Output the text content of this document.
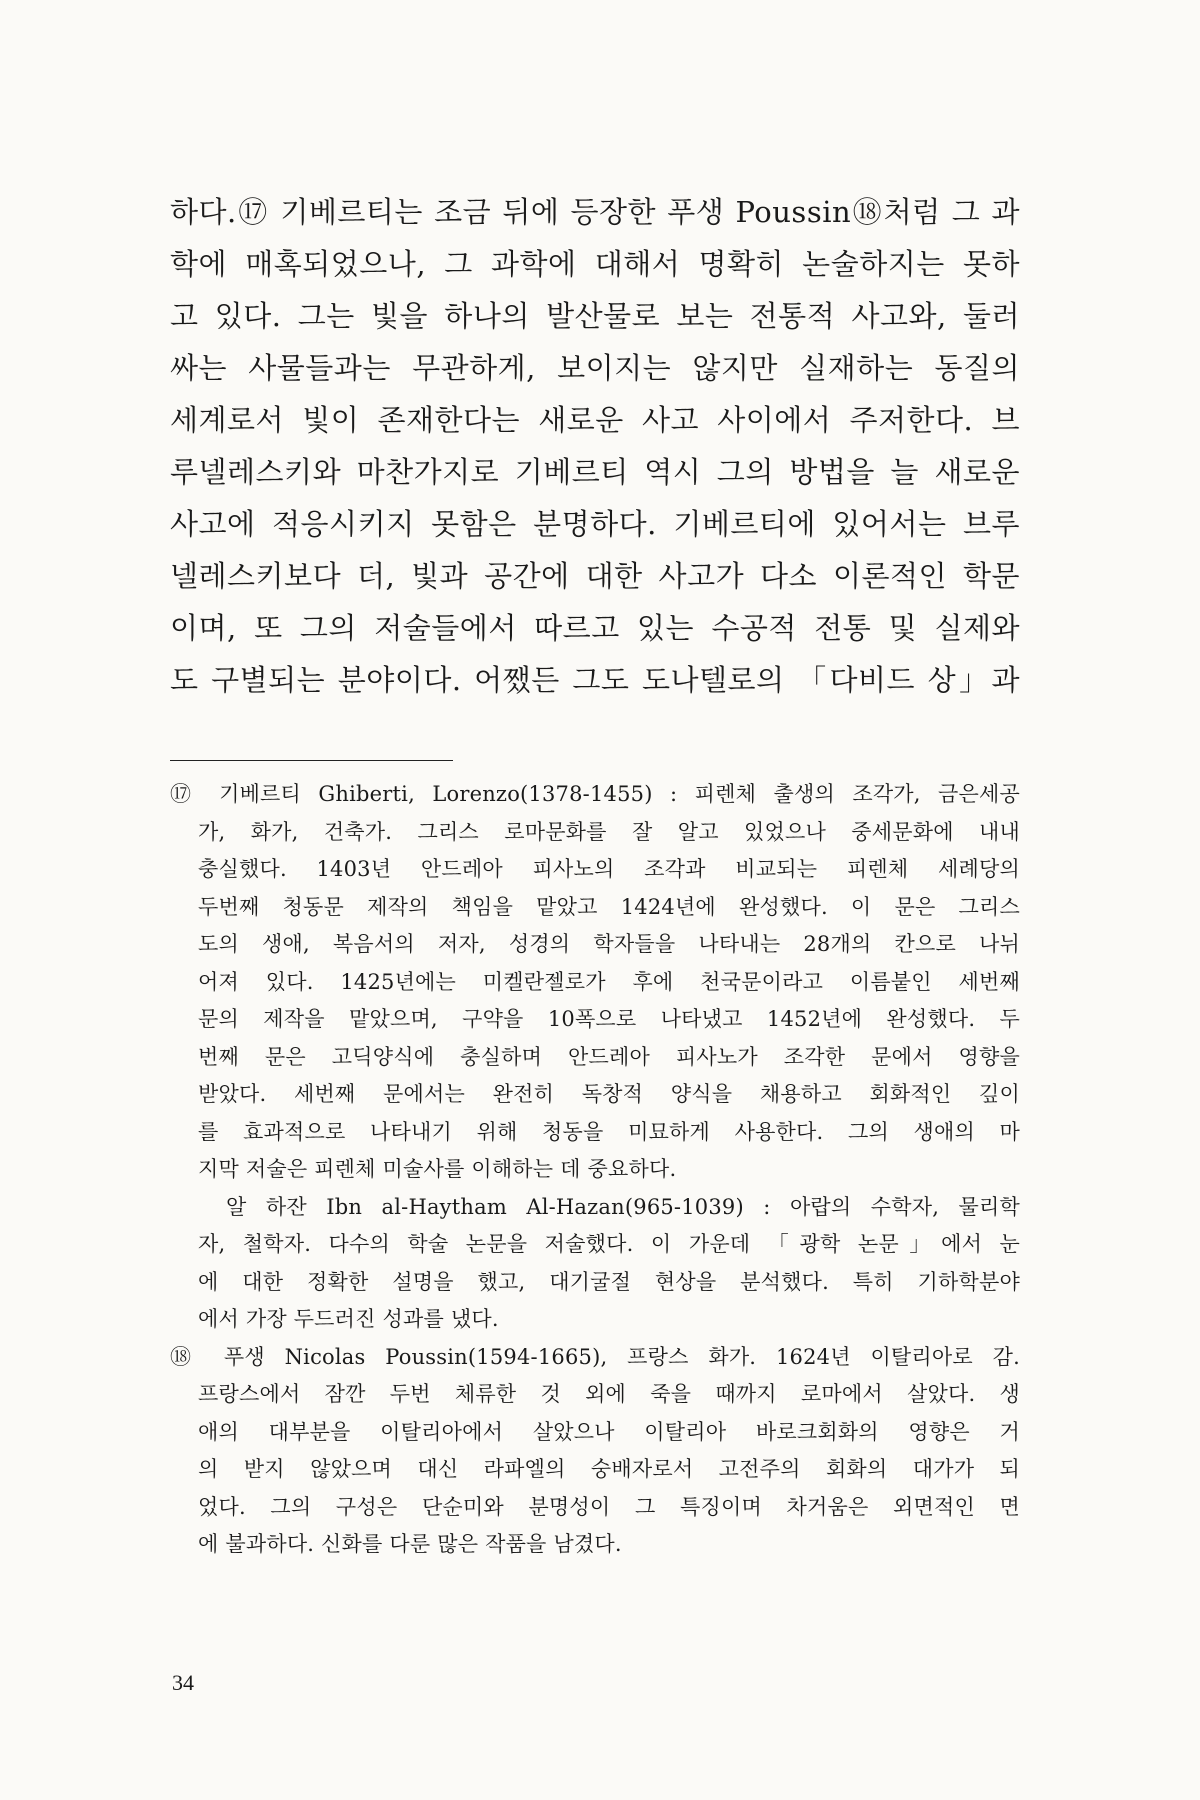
하다.⑰ 기베르티는 조금 뒤에 등장한 푸생 Poussin⑱처럼 그 과
학에 매혹되었으나, 그 과학에 대해서 명확히 논술하지는 못하
고 있다. 그는 빛을 하나의 발산물로 보는 전통적 사고와, 둘러
싸는 사물들과는 무관하게, 보이지는 않지만 실재하는 동질의
세계로서 빛이 존재한다는 새로운 사고 사이에서 주저한다. 브
루넬레스키와 마찬가지로 기베르티 역시 그의 방법을 늘 새로운
사고에 적응시키지 못함은 분명하다. 기베르티에 있어서는 브루
넬레스키보다 더, 빛과 공간에 대한 사고가 다소 이론적인 학문
이며, 또 그의 저술들에서 따르고 있는 수공적 전통 및 실제와
도 구별되는 분야이다. 어쨌든 그도 도나텔로의 「다비드 상」과
⑰ 기베르티 Ghiberti, Lorenzo(1378-1455) : 피렌체 출생의 조각가, 금은세공
가, 화가, 건축가. 그리스 로마문화를 잘 알고 있었으나 중세문화에 내내
충실했다. 1403년 안드레아 피사노의 조각과 비교되는 피렌체 세례당의
두번째 청동문 제작의 책임을 맡았고 1424년에 완성했다. 이 문은 그리스
도의 생애, 복음서의 저자, 성경의 학자들을 나타내는 28개의 칸으로 나뉘
어져 있다. 1425년에는 미켈란젤로가 후에 천국문이라고 이름붙인 세번째
문의 제작을 맡았으며, 구약을 10폭으로 나타냈고 1452년에 완성했다. 두
번째 문은 고딕양식에 충실하며 안드레아 피사노가 조각한 문에서 영향을
받았다. 세번째 문에서는 완전히 독창적 양식을 채용하고 회화적인 깊이
를 효과적으로 나타내기 위해 청동을 미묘하게 사용한다. 그의 생애의 마
지막 저술은 피렌체 미술사를 이해하는 데 중요하다.
알 하잔 Ibn al-Haytham Al-Hazan(965-1039) : 아랍의 수학자, 물리학
자, 철학자. 다수의 학술 논문을 저술했다. 이 가운데 「광학 논문」에서 눈
에 대한 정확한 설명을 했고, 대기굴절 현상을 분석했다. 특히 기하학분야
에서 가장 두드러진 성과를 냈다.
⑱ 푸생 Nicolas Poussin(1594-1665), 프랑스 화가. 1624년 이탈리아로 감.
프랑스에서 잠깐 두번 체류한 것 외에 죽을 때까지 로마에서 살았다. 생
애의 대부분을 이탈리아에서 살았으나 이탈리아 바로크회화의 영향은 거
의 받지 않았으며 대신 라파엘의 숭배자로서 고전주의 회화의 대가가 되
었다. 그의 구성은 단순미와 분명성이 그 특징이며 차거움은 외면적인 면
에 불과하다. 신화를 다룬 많은 작품을 남겼다.
34
